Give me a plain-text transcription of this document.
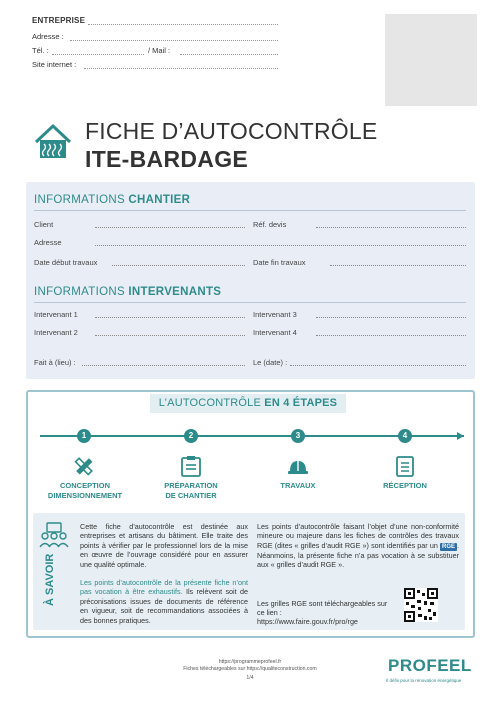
ENTREPRISE
Adresse :
Tél. :	/ Mail :
Site internet :
FICHE D’AUTOCONTRÔLE
ITE-BARDAGE
INFORMATIONS CHANTIER
Client	Réf. devis
Adresse
Date début travaux	Date fin travaux
INFORMATIONS INTERVENANTS
Intervenant 1	Intervenant 3
Intervenant 2	Intervenant 4
Fait à (lieu) :	Le (date) :
L’AUTOCONTRÔLE EN 4 ÉTAPES
1
CONCEPTION
DIMENSIONNEMENT
2
PRÉPARATION
DE CHANTIER
3
TRAVAUX
4
RÉCEPTION
À SAVOIR
Cette fiche d’autocontrôle est destinée aux entreprises et artisans du bâtiment. Elle traite des points à vérifier par le professionnel lors de la mise en œuvre de l’ouvrage considéré pour en assurer une qualité optimale.
Les points d’autocontrôle de la présente fiche n’ont pas vocation à être exhaustifs. Ils relèvent soit de préconisations issues de documents de référence en vigueur, soit de recommandations associées à des bonnes pratiques.
Les points d’autocontrôle faisant l’objet d’une non-conformité mineure ou majeure dans les fiches de contrôles des travaux RGE (dites « grilles d’audit RGE ») sont identifiés par un RGE . Néanmoins, la présente fiche n’a pas vocation à se substituer aux « grilles d’audit RGE ».
Les grilles RGE sont téléchargeables sur ce lien :
https://www.faire.gouv.fr/pro/rge
https://programmeprofeel.fr
Fiches téléchargeables sur https://qualiteconstruction.com
1/4
PROFEEL
Il défis pour la rénovation énergétique
